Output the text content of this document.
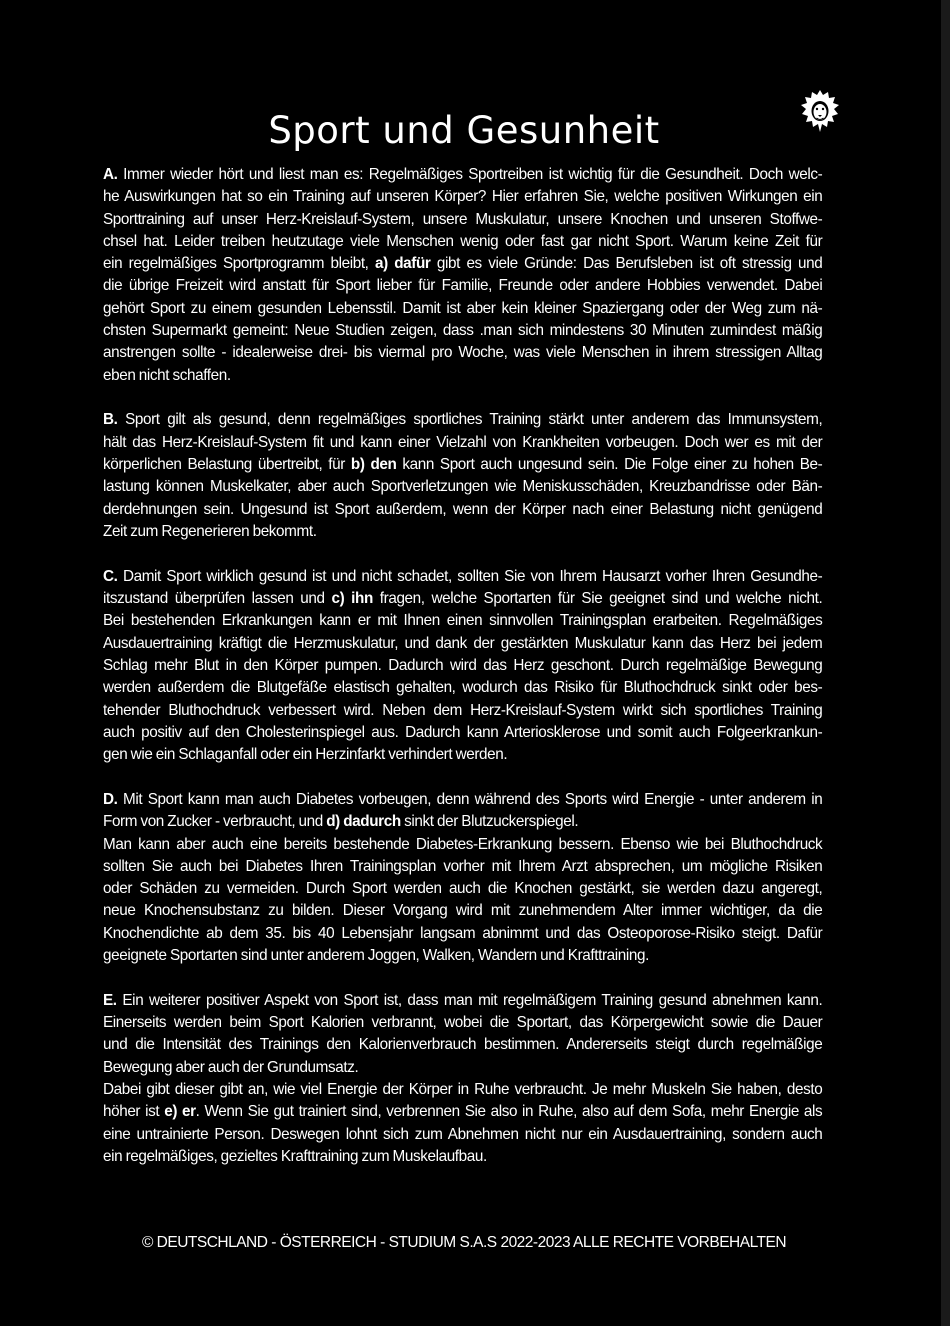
Sport und Gesunheit
A. Immer wieder hört und liest man es: Regelmäßiges Sportreiben ist wichtig für die Gesundheit. Doch welc-
he Auswirkungen hat so ein Training auf unseren Körper? Hier erfahren Sie, welche positiven Wirkungen ein
Sporttraining auf unser Herz-Kreislauf-System, unsere Muskulatur, unsere Knochen und unseren Stoffwe-
chsel hat. Leider treiben heutzutage viele Menschen wenig oder fast gar nicht Sport. Warum keine Zeit für
ein regelmäßiges Sportprogramm bleibt, a) dafür gibt es viele Gründe: Das Berufsleben ist oft stressig und
die übrige Freizeit wird anstatt für Sport lieber für Familie, Freunde oder andere Hobbies verwendet. Dabei
gehört Sport zu einem gesunden Lebensstil. Damit ist aber kein kleiner Spaziergang oder der Weg zum nä-
chsten Supermarkt gemeint: Neue Studien zeigen, dass .man sich mindestens 30 Minuten zumindest mäßig
anstrengen sollte - idealerweise drei- bis viermal pro Woche, was viele Menschen in ihrem stressigen Alltag
eben nicht schaffen.
B. Sport gilt als gesund, denn regelmäßiges sportliches Training stärkt unter anderem das Immunsystem,
hält das Herz-Kreislauf-System fit und kann einer Vielzahl von Krankheiten vorbeugen. Doch wer es mit der
körperlichen Belastung übertreibt, für b) den kann Sport auch ungesund sein. Die Folge einer zu hohen Be-
lastung können Muskelkater, aber auch Sportverletzungen wie Meniskusschäden, Kreuzbandrisse oder Bän-
derdehnungen sein. Ungesund ist Sport außerdem, wenn der Körper nach einer Belastung nicht genügend
Zeit zum Regenerieren bekommt.
C. Damit Sport wirklich gesund ist und nicht schadet, sollten Sie von Ihrem Hausarzt vorher Ihren Gesundhe-
itszustand überprüfen lassen und c) ihn fragen, welche Sportarten für Sie geeignet sind und welche nicht.
Bei bestehenden Erkrankungen kann er mit Ihnen einen sinnvollen Trainingsplan erarbeiten. Regelmäßiges
Ausdauertraining kräftigt die Herzmuskulatur, und dank der gestärkten Muskulatur kann das Herz bei jedem
Schlag mehr Blut in den Körper pumpen. Dadurch wird das Herz geschont. Durch regelmäßige Bewegung
werden außerdem die Blutgefäße elastisch gehalten, wodurch das Risiko für Bluthochdruck sinkt oder bes-
tehender Bluthochdruck verbessert wird. Neben dem Herz-Kreislauf-System wirkt sich sportliches Training
auch positiv auf den Cholesterinspiegel aus. Dadurch kann Arteriosklerose und somit auch Folgeerkrankun-
gen wie ein Schlaganfall oder ein Herzinfarkt verhindert werden.
D. Mit Sport kann man auch Diabetes vorbeugen, denn während des Sports wird Energie - unter anderem in
Form von Zucker - verbraucht, und d) dadurch sinkt der Blutzuckerspiegel.
Man kann aber auch eine bereits bestehende Diabetes-Erkrankung bessern. Ebenso wie bei Bluthochdruck
sollten Sie auch bei Diabetes Ihren Trainingsplan vorher mit Ihrem Arzt absprechen, um mögliche Risiken
oder Schäden zu vermeiden. Durch Sport werden auch die Knochen gestärkt, sie werden dazu angeregt,
neue Knochensubstanz zu bilden. Dieser Vorgang wird mit zunehmendem Alter immer wichtiger, da die
Knochendichte ab dem 35. bis 40 Lebensjahr langsam abnimmt und das Osteoporose-Risiko steigt. Dafür
geeignete Sportarten sind unter anderem Joggen, Walken, Wandern und Krafttraining.
E. Ein weiterer positiver Aspekt von Sport ist, dass man mit regelmäßigem Training gesund abnehmen kann.
Einerseits werden beim Sport Kalorien verbrannt, wobei die Sportart, das Körpergewicht sowie die Dauer
und die Intensität des Trainings den Kalorienverbrauch bestimmen. Andererseits steigt durch regelmäßige
Bewegung aber auch der Grundumsatz.
Dabei gibt dieser gibt an, wie viel Energie der Körper in Ruhe verbraucht. Je mehr Muskeln Sie haben, desto
höher ist e) er. Wenn Sie gut trainiert sind, verbrennen Sie also in Ruhe, also auf dem Sofa, mehr Energie als
eine untrainierte Person. Deswegen lohnt sich zum Abnehmen nicht nur ein Ausdauertraining, sondern auch
ein regelmäßiges, gezieltes Krafttraining zum Muskelaufbau.
© DEUTSCHLAND - ÖSTERREICH - STUDIUM S.A.S 2022-2023 ALLE RECHTE VORBEHALTEN
